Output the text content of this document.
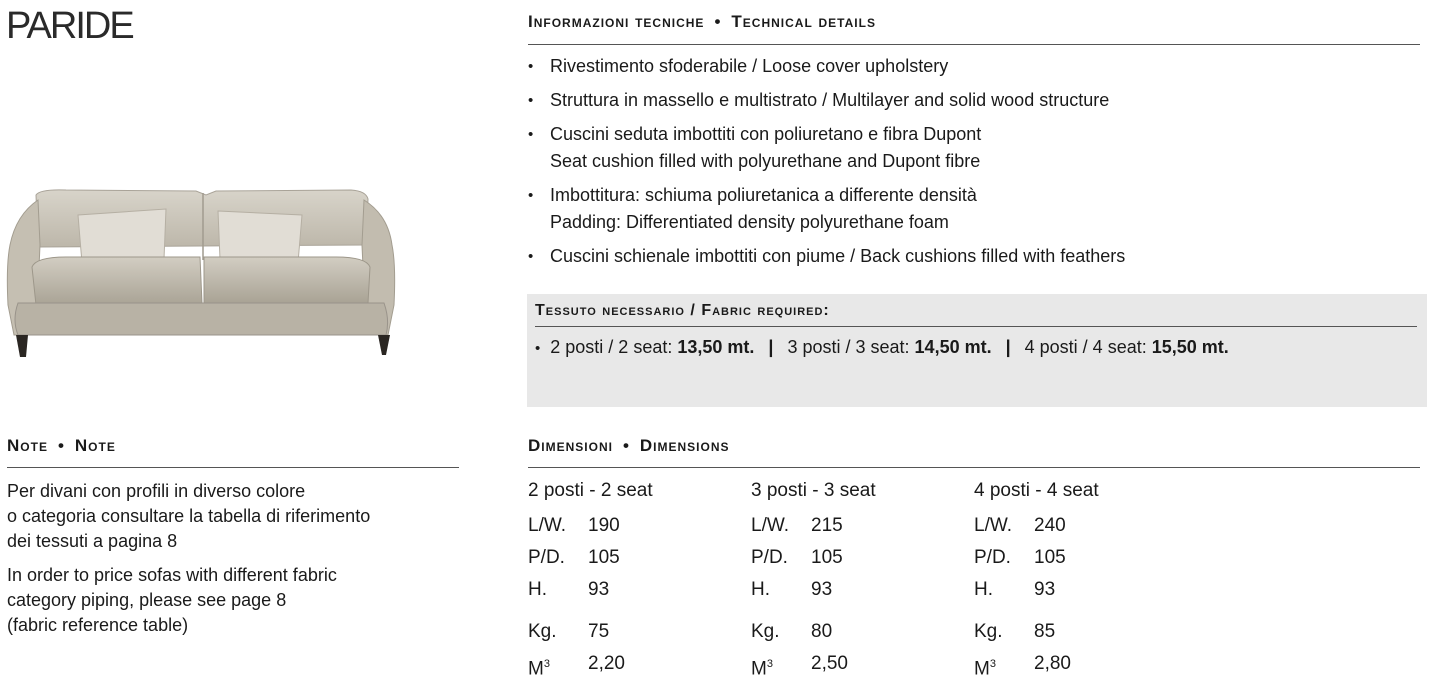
PARIDE	Informazioni tecniche • Technical details
• Rivestimento sfoderabile / Loose cover upholstery
• Struttura in massello e multistrato / Multilayer and solid wood structure
• Cuscini seduta imbottiti con poliuretano e fibra Dupont
Seat cushion filled with polyurethane and Dupont fibre
• Imbottitura: schiuma poliuretanica a differente densità
Padding: Differentiated density polyurethane foam
• Cuscini schienale imbottiti con piume / Back cushions filled with feathers
Tessuto necessario / Fabric required:
• 2 posti / 2 seat: 13,50 mt. | 3 posti / 3 seat: 14,50 mt. | 4 posti / 4 seat: 15,50 mt.
Note • Note

Per divani con profili in diverso colore
o categoria consultare la tabella di riferimento
dei tessuti a pagina 8

In order to price sofas with different fabric
category piping, please see page 8
(fabric reference table)

Dimensioni • Dimensions
2 posti - 2 seat
L/W.	190
P/D.	105
H.	93
Kg.	75
$M^3$	2,20
3 posti - 3 seat
L/W.	215
P/D.	105
H.	93
Kg.	80
$M^3$	2,50
4 posti - 4 seat
L/W.	240
P/D.	105
H.	93
Kg.	85
$M^3$	2,80
